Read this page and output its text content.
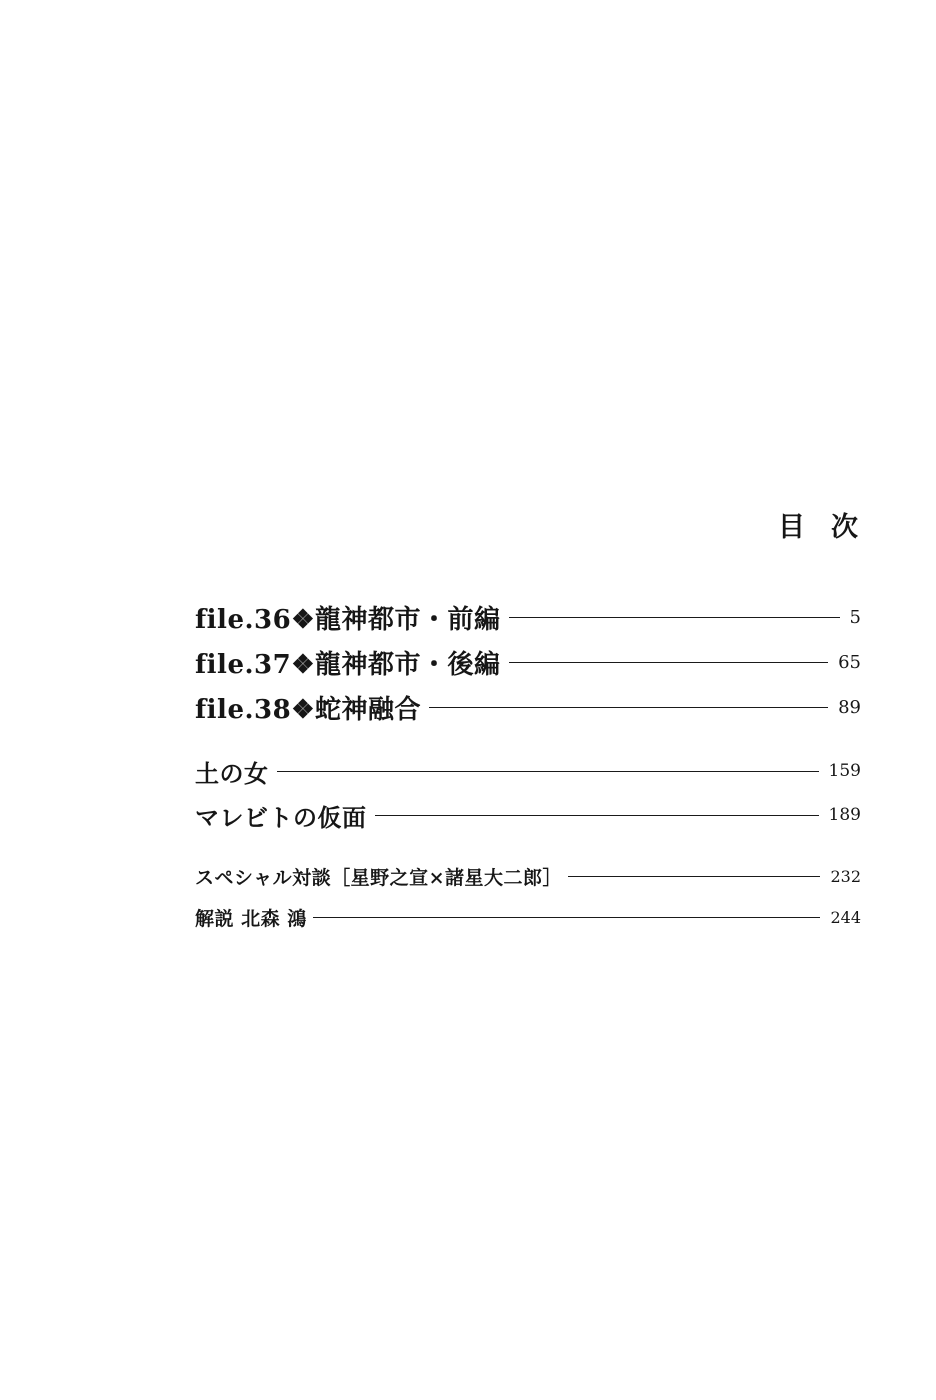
目次
file.36❖龍神都市・前編	5
file.37❖龍神都市・後編	65
file.38❖蛇神融合	89
土の女	159
マレビトの仮面	189
スペシャル対談［星野之宣×諸星大二郎］	232
解説 北森 鴻	244
